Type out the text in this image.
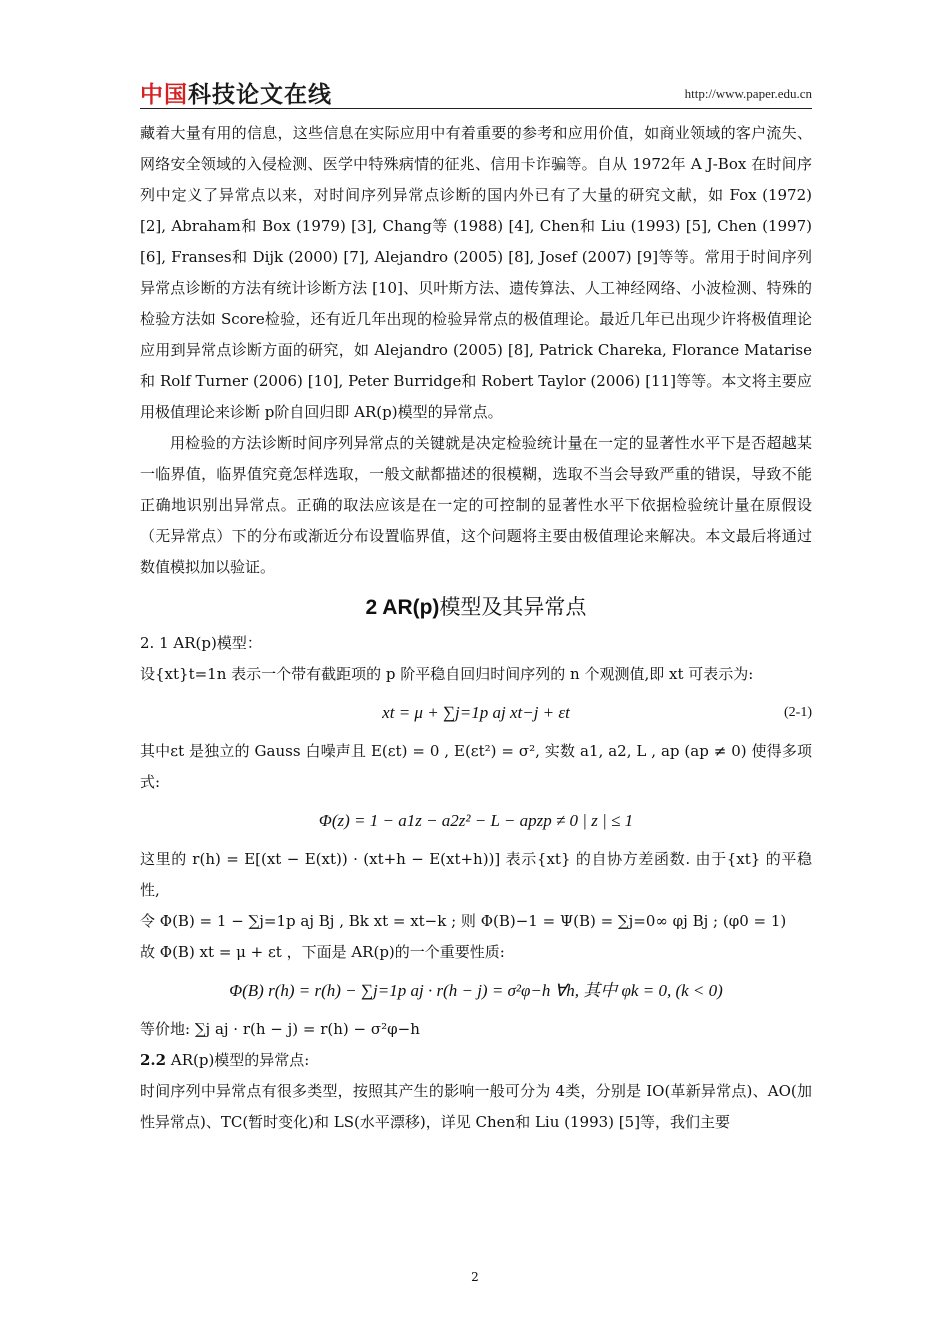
中国科技论文在线	http://www.paper.edu.cn

藏着大量有用的信息，这些信息在实际应用中有着重要的参考和应用价值，如商业领域的客户流失、网络安全领域的入侵检测、医学中特殊病情的征兆、信用卡诈骗等。自从 1972年 A J-Box 在时间序列中定义了异常点以来，对时间序列异常点诊断的国内外已有了大量的研究文献，如 Fox (1972) [2], Abraham和 Box (1979) [3], Chang等 (1988) [4], Chen和 Liu (1993) [5], Chen (1997) [6], Franses和 Dijk (2000) [7], Alejandro (2005) [8], Josef (2007) [9]等等。常用于时间序列异常点诊断的方法有统计诊断方法 [10]、贝叶斯方法、遗传算法、人工神经网络、小波检测、特殊的检验方法如 Score检验，还有近几年出现的检验异常点的极值理论。最近几年已出现少许将极值理论应用到异常点诊断方面的研究，如 Alejandro (2005) [8], Patrick Chareka, Florance Matarise和 Rolf Turner (2006) [10], Peter Burridge和 Robert Taylor (2006) [11]等等。本文将主要应用极值理论来诊断 p阶自回归即 AR(p)模型的异常点。

用检验的方法诊断时间序列异常点的关键就是决定检验统计量在一定的显著性水平下是否超越某一临界值，临界值究竟怎样选取，一般文献都描述的很模糊，选取不当会导致严重的错误，导致不能正确地识别出异常点。正确的取法应该是在一定的可控制的显著性水平下依据检验统计量在原假设（无异常点）下的分布或渐近分布设置临界值，这个问题将主要由极值理论来解决。本文最后将通过数值模拟加以验证。

2 AR(p)模型及其异常点

2. 1 AR(p)模型：

设{xt}t=1n 表示一个带有截距项的 p 阶平稳自回归时间序列的 n 个观测值,即 xt 可表示为:

xt = μ + ∑j=1p aj xt−j + εt	(2-1)

其中εt 是独立的 Gauss 白噪声且 E(εt) = 0 , E(εt²) = σ², 实数 a1, a2, L , ap (ap ≠ 0) 使得多项式:

Φ(z) = 1 − a1z − a2z² − L − apzp ≠ 0 | z | ≤ 1

这里的 r(h) = E[(xt − E(xt)) · (xt+h − E(xt+h))] 表示{xt} 的自协方差函数. 由于{xt} 的平稳性,

令 Φ(B) = 1 − ∑j=1p aj Bj , Bk xt = xt−k ; 则 Φ(B)−1 = Ψ(B) = ∑j=0∞ φj Bj ; (φ0 = 1)

故 Φ(B) xt = μ + εt ，下面是 AR(p)的一个重要性质:

Φ(B) r(h) = r(h) − ∑j=1p aj · r(h − j) = σ²φ−h ∀h, 其中 φk = 0, (k < 0)

等价地: ∑j aj · r(h − j) = r(h) − σ²φ−h

2.2 AR(p)模型的异常点:

时间序列中异常点有很多类型，按照其产生的影响一般可分为 4类，分别是 IO(革新异常点)、AO(加性异常点)、TC(暂时变化)和 LS(水平漂移)，详见 Chen和 Liu (1993) [5]等，我们主要

2
